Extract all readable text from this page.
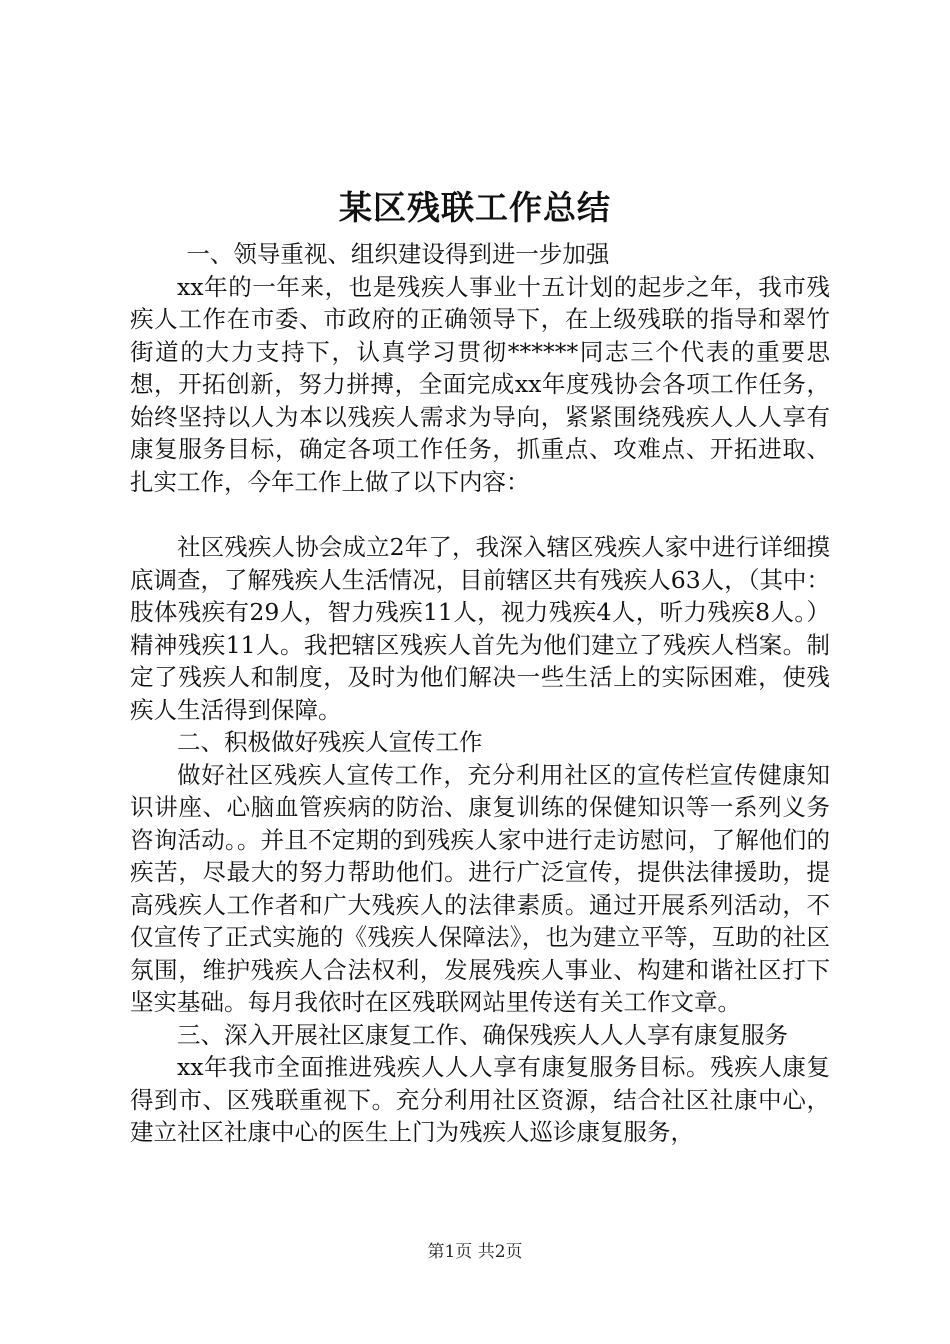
某区残联工作总结

一、领导重视、组织建设得到进一步加强

xx年的一年来，也是残疾人事业十五计划的起步之年，我市残疾人工作在市委、市政府的正确领导下，在上级残联的指导和翠竹街道的大力支持下，认真学习贯彻******同志三个代表的重要思想，开拓创新，努力拼搏，全面完成xx年度残协会各项工作任务，始终坚持以人为本以残疾人需求为导向，紧紧围绕残疾人人人享有康复服务目标，确定各项工作任务，抓重点、攻难点、开拓进取、扎实工作，今年工作上做了以下内容：

社区残疾人协会成立2年了，我深入辖区残疾人家中进行详细摸底调查，了解残疾人生活情况，目前辖区共有残疾人63人，（其中：肢体残疾有29人，智力残疾11人，视力残疾4人，听力残疾8人。）精神残疾11人。我把辖区残疾人首先为他们建立了残疾人档案。制定了残疾人和制度，及时为他们解决一些生活上的实际困难，使残疾人生活得到保障。

二、积极做好残疾人宣传工作

做好社区残疾人宣传工作，充分利用社区的宣传栏宣传健康知识讲座、心脑血管疾病的防治、康复训练的保健知识等一系列义务咨询活动。。并且不定期的到残疾人家中进行走访慰问，了解他们的疾苦，尽最大的努力帮助他们。进行广泛宣传，提供法律援助，提高残疾人工作者和广大残疾人的法律素质。通过开展系列活动，不仅宣传了正式实施的《残疾人保障法》，也为建立平等，互助的社区氛围，维护残疾人合法权利，发展残疾人事业、构建和谐社区打下坚实基础。每月我依时在区残联网站里传送有关工作文章。

三、深入开展社区康复工作、确保残疾人人人享有康复服务

xx年我市全面推进残疾人人人享有康复服务目标。残疾人康复得到市、区残联重视下。充分利用社区资源，结合社区社康中心，建立社区社康中心的医生上门为残疾人巡诊康复服务，

第1页 共2页
